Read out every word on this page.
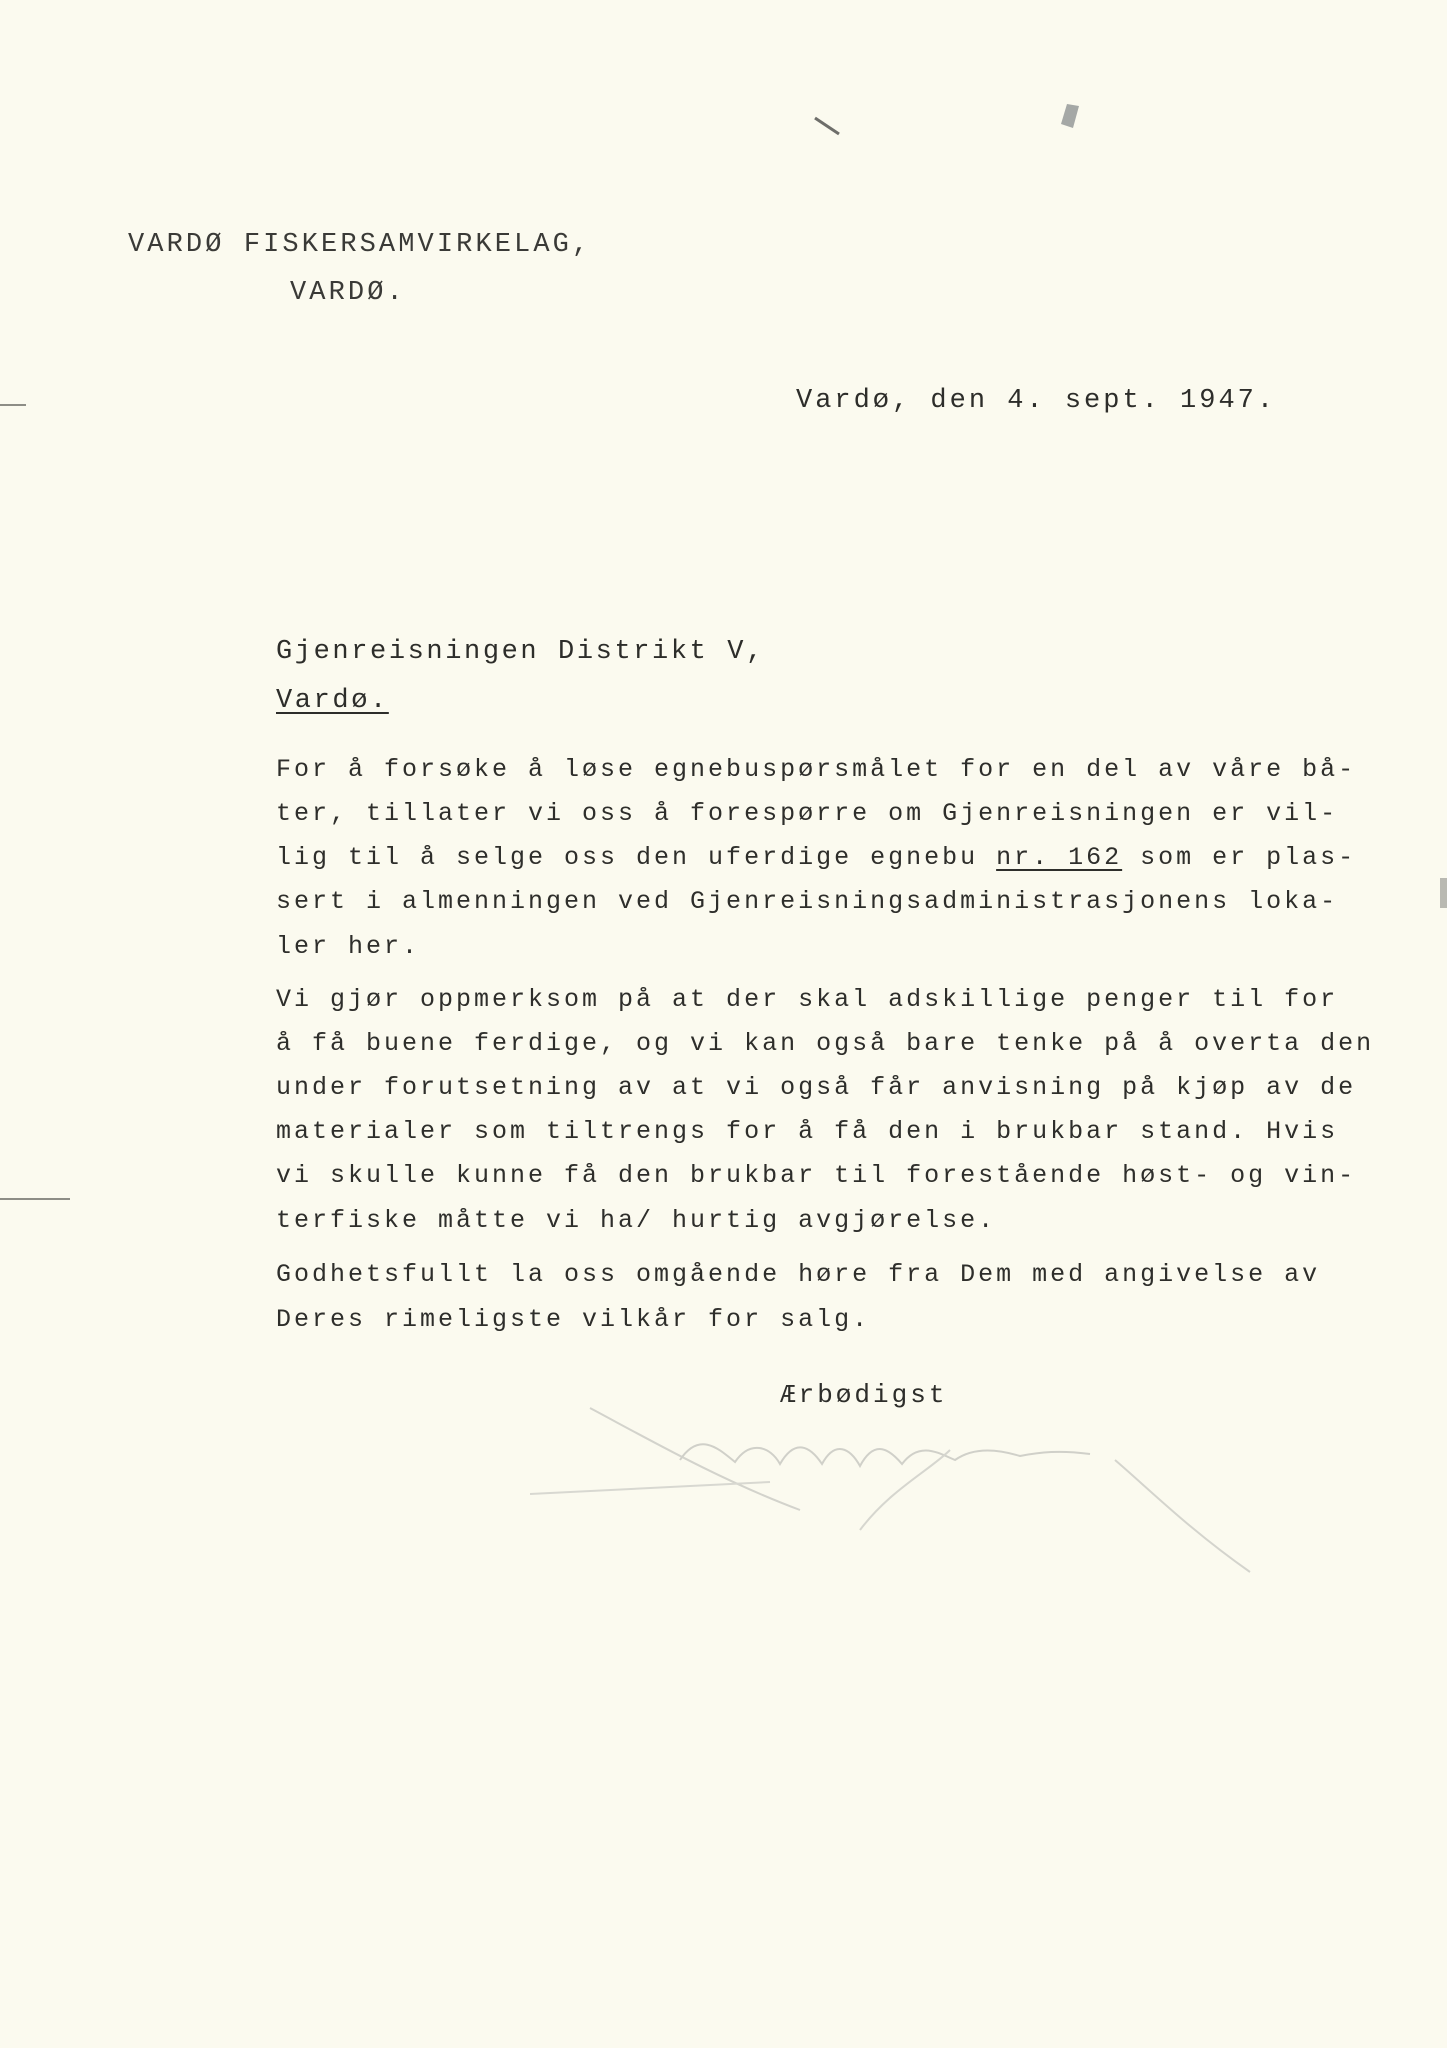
VARDØ FISKERSAMVIRKELAG,
VARDØ.
Vardø, den 4. sept. 1947.
Gjenreisningen Distrikt V,
Vardø.
For å forsøke å løse egnebuspørsmålet for en del av våre bå-
ter, tillater vi oss å forespørre om Gjenreisningen er vil-
lig til å selge oss den uferdige egnebu nr. 162 som er plas-
sert i almenningen ved Gjenreisningsadministrasjonens loka-
ler her.
Vi gjør oppmerksom på at der skal adskillige penger til for
å få buene ferdige, og vi kan også bare tenke på å overta den
under forutsetning av at vi også får anvisning på kjøp av de
materialer som tiltrengs for å få den i brukbar stand. Hvis
vi skulle kunne få den brukbar til forestående høst- og vin-
terfiske måtte vi ha/ hurtig avgjørelse.
Godhetsfullt la oss omgående høre fra Dem med angivelse av
Deres rimeligste vilkår for salg.
Ærbødigst
